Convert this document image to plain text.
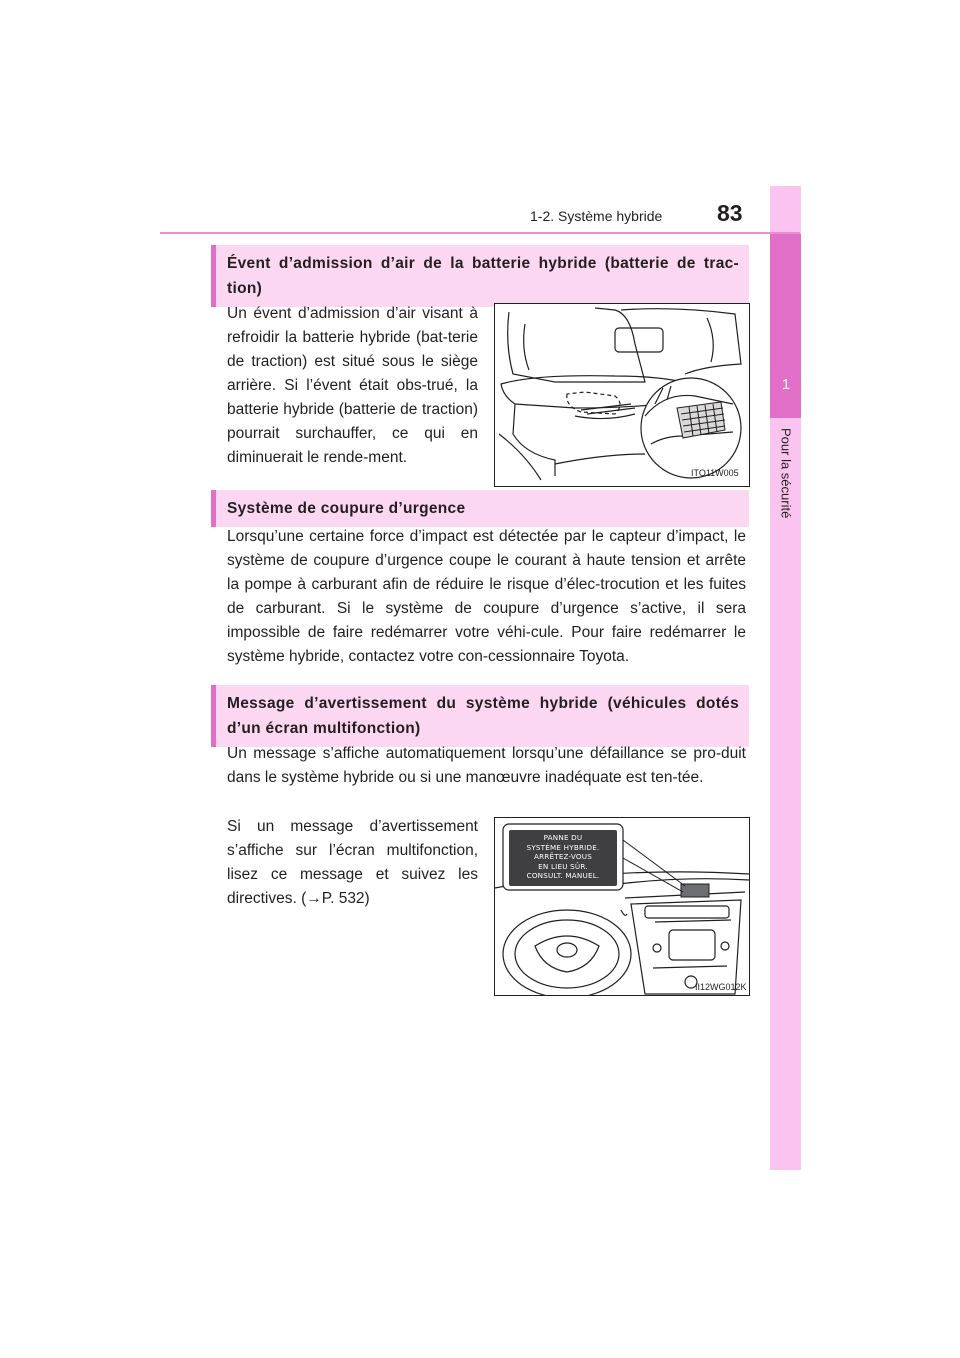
1-2. Système hybride 83
1
Pour la sécurité
Évent d’admission d’air de la batterie hybride (batterie de trac-tion)

Un évent d’admission d’air visant à refroidir la batterie hybride (bat-terie de traction) est situé sous le siège arrière. Si l’évent était obs-trué, la batterie hybride (batterie de traction) pourrait surchauffer, ce qui en diminuerait le rende-ment.

ITO11W005
Système de coupure d’urgence

Lorsqu’une certaine force d’impact est détectée par le capteur d’impact, le système de coupure d’urgence coupe le courant à haute tension et arrête la pompe à carburant afin de réduire le risque d’élec-trocution et les fuites de carburant. Si le système de coupure d’urgence s’active, il sera impossible de faire redémarrer votre véhi-cule. Pour faire redémarrer le système hybride, contactez votre con-cessionnaire Toyota.

Message d’avertissement du système hybride (véhicules dotés d’un écran multifonction)

Un message s’affiche automatiquement lorsqu’une défaillance se pro-duit dans le système hybride ou si une manœuvre inadéquate est ten-tée.

Si un message d’avertissement s’affiche sur l’écran multifonction, lisez ce message et suivez les directives. (→P. 532)

PANNE DU
SYSTÈME HYBRIDE.
ARRÊTEZ-VOUS
EN LIEU SÛR.
CONSULT. MANUEL.
II12WG012K
